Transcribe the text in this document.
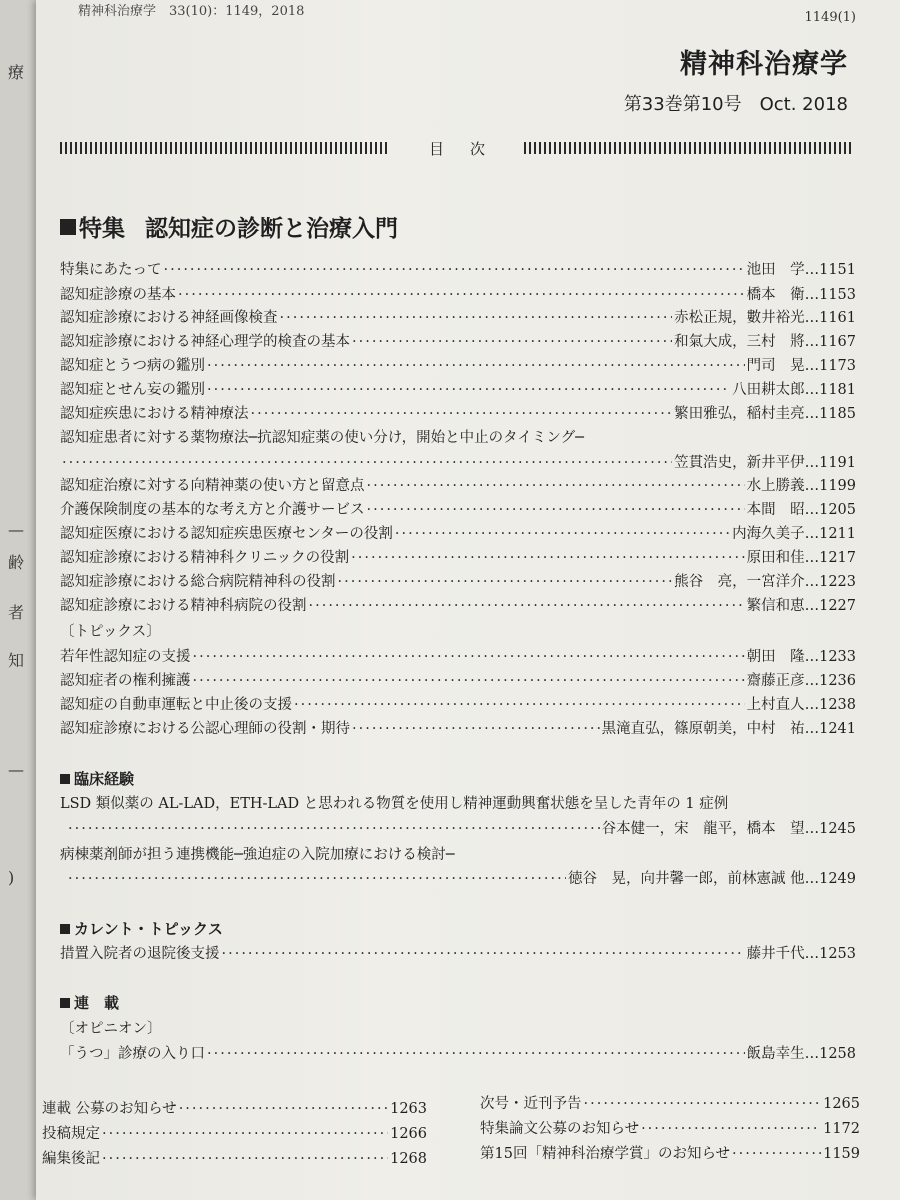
療
—
齢
者
知
—
)
精神科治療学　33(10)：1149，2018	1149(1)
精神科治療学
第33巻第10号　Oct. 2018
目次
特集 認知症の診断と治療入門
特集にあたって ·····	池田　学 … 1151
認知症診療の基本 ·····	橋本　衛 … 1153
認知症診療における神経画像検査 ·····	赤松正規，數井裕光 … 1161
認知症診療における神経心理学的検査の基本 ·····	和氣大成，三村　將 … 1167
認知症とうつ病の鑑別 ·····	門司　晃 … 1173
認知症とせん妄の鑑別 ·····	八田耕太郎 … 1181
認知症疾患における精神療法 ·····	繁田雅弘，稲村圭亮 … 1185
認知症患者に対する薬物療法─抗認知症薬の使い分け，開始と中止のタイミング─
·····
笠貫浩史，新井平伊 … 1191
認知症治療に対する向精神薬の使い方と留意点 ·····	水上勝義 … 1199
介護保険制度の基本的な考え方と介護サービス ·····	本間　昭 … 1205
認知症医療における認知症疾患医療センターの役割 ·····	内海久美子 … 1211
認知症診療における精神科クリニックの役割 ·····	原田和佳 … 1217
認知症診療における総合病院精神科の役割 ·····	熊谷　亮，一宮洋介 … 1223
認知症診療における精神科病院の役割 ·····	繁信和恵 … 1227
〔トピックス〕
若年性認知症の支援 ·····	朝田　隆 … 1233
認知症者の権利擁護 ·····	齋藤正彦 … 1236
認知症の自動車運転と中止後の支援 ·····	上村直人 … 1238
認知症診療における公認心理師の役割・期待 ·····	黒滝直弘，篠原朝美，中村　祐 … 1241
臨床経験
LSD 類似薬の AL-LAD，ETH-LAD と思われる物質を使用し精神運動興奮状態を呈した青年の 1 症例
·····
谷本健一，宋　龍平，橋本　望 … 1245
病棟薬剤師が担う連携機能─強迫症の入院加療における検討─
·····
徳谷　晃，向井馨一郎，前林憲誠 他 … 1249
カレント・トピックス
措置入院者の退院後支援 ·····	藤井千代 … 1253
連　載
〔オピニオン〕
「うつ」診療の入り口 ·····	飯島幸生 … 1258
連載 公募のお知らせ ·····	1263
投稿規定 ·····	1266
編集後記 ·····	1268
次号・近刊予告 ·····	1265
特集論文公募のお知らせ ·····	1172
第15回「精神科治療学賞」のお知らせ ·····	1159
